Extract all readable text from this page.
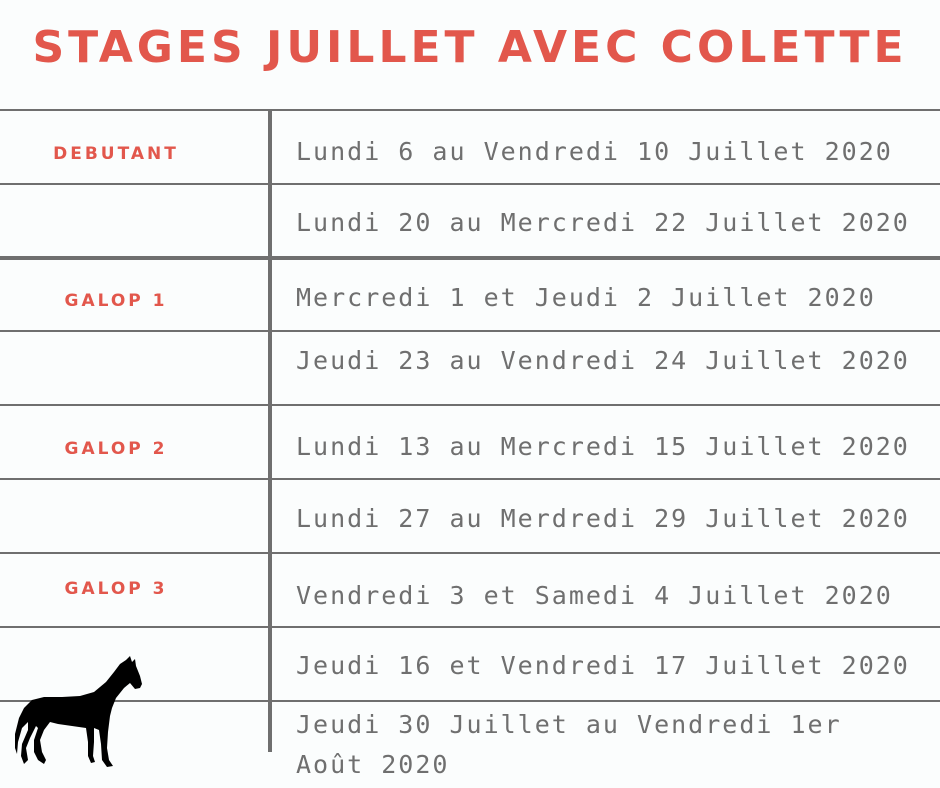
STAGES JUILLET AVEC COLETTE
DEBUTANT
GALOP 1
GALOP 2
GALOP 3
Lundi 6 au Vendredi 10 Juillet 2020
Lundi 20 au Mercredi 22 Juillet 2020
Mercredi 1 et Jeudi 2 Juillet 2020
Jeudi 23 au Vendredi 24 Juillet 2020
Lundi 13 au Mercredi 15 Juillet 2020
Lundi 27 au Merdredi 29 Juillet 2020
Vendredi 3 et Samedi 4 Juillet 2020
Jeudi 16 et Vendredi 17 Juillet 2020
Jeudi 30 Juillet au Vendredi 1er Août 2020
